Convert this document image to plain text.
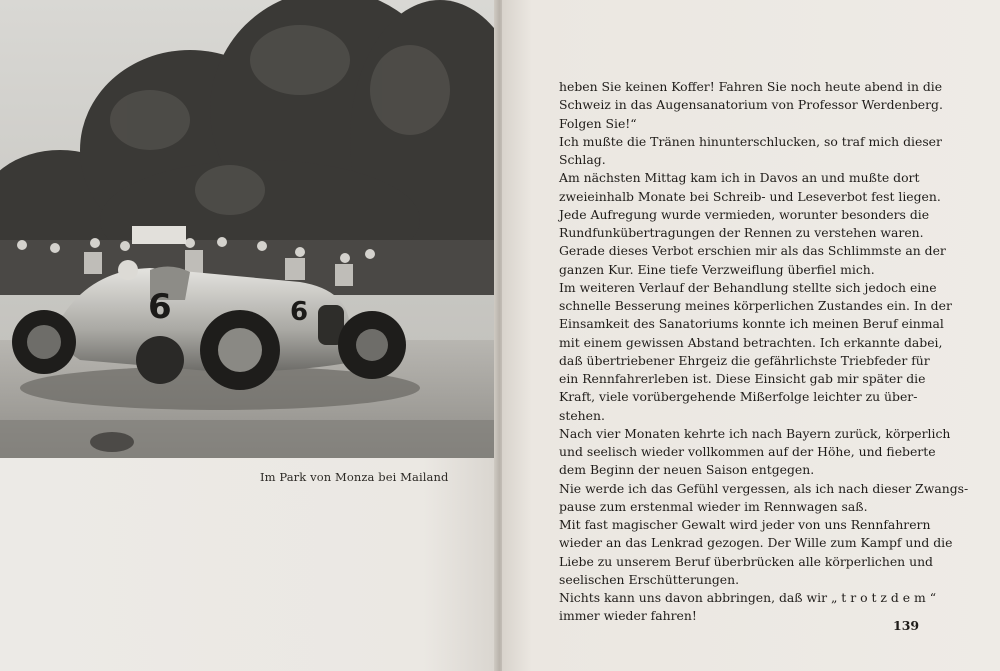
6	6
Im Park von Monza bei Mailand
heben Sie keinen Koffer! Fahren Sie noch heute abend in die
Schweiz in das Augensanatorium von Professor Werdenberg.
Folgen Sie!“
Ich mußte die Tränen hinunterschlucken, so traf mich dieser
Schlag.
Am nächsten Mittag kam ich in Davos an und mußte dort
zweieinhalb Monate bei Schreib- und Leseverbot fest liegen.
Jede Aufregung wurde vermieden, worunter besonders die
Rundfunkübertragungen der Rennen zu verstehen waren.
Gerade dieses Verbot erschien mir als das Schlimmste an der
ganzen Kur. Eine tiefe Verzweiflung überfiel mich.
Im weiteren Verlauf der Behandlung stellte sich jedoch eine
schnelle Besserung meines körperlichen Zustandes ein. In der
Einsamkeit des Sanatoriums konnte ich meinen Beruf einmal
mit einem gewissen Abstand betrachten. Ich erkannte dabei,
daß übertriebener Ehrgeiz die gefährlichste Triebfeder für
ein Rennfahrerleben ist. Diese Einsicht gab mir später die
Kraft, viele vorübergehende Mißerfolge leichter zu über-
stehen.
Nach vier Monaten kehrte ich nach Bayern zurück, körperlich
und seelisch wieder vollkommen auf der Höhe, und fieberte
dem Beginn der neuen Saison entgegen.
Nie werde ich das Gefühl vergessen, als ich nach dieser Zwangs-
pause zum erstenmal wieder im Rennwagen saß.
Mit fast magischer Gewalt wird jeder von uns Rennfahrern
wieder an das Lenkrad gezogen. Der Wille zum Kampf und die
Liebe zu unserem Beruf überbrücken alle körperlichen und
seelischen Erschütterungen.
Nichts kann uns davon abbringen, daß wir „ t r o t z d e m “
immer wieder fahren!
139
